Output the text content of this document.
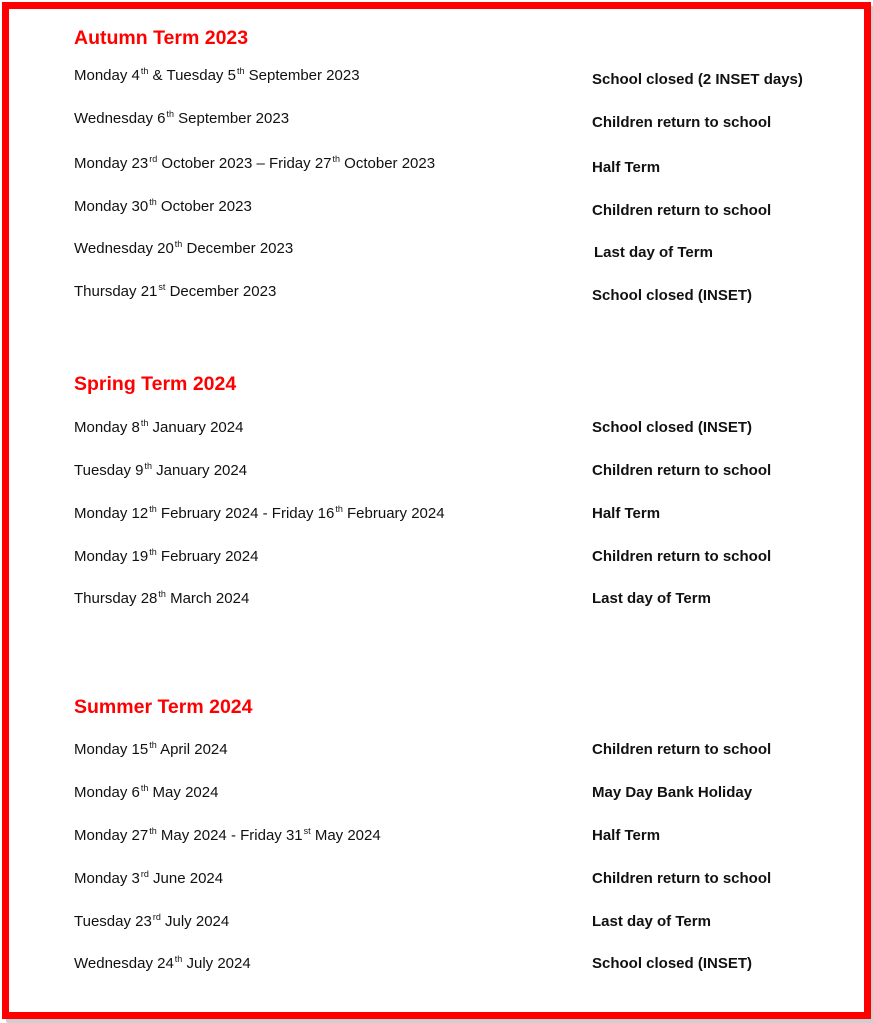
Autumn Term 2023
Monday 4th & Tuesday 5th September 2023	School closed (2 INSET days)
Wednesday 6th September 2023	Children return to school
Monday 23rd October 2023 – Friday 27th October 2023	Half Term
Monday 30th October 2023	Children return to school
Wednesday 20th December 2023	Last day of Term
Thursday 21st December 2023	School closed (INSET)
Spring Term 2024
Monday 8th January 2024	School closed (INSET)
Tuesday 9th January 2024	Children return to school
Monday 12th February 2024 - Friday 16th February 2024	Half Term
Monday 19th February 2024	Children return to school
Thursday 28th March 2024	Last day of Term
Summer Term 2024
Monday 15th April 2024	Children return to school
Monday 6th May 2024	May Day Bank Holiday
Monday 27th May 2024 - Friday 31st May 2024	Half Term
Monday 3rd June 2024	Children return to school
Tuesday 23rd July 2024	Last day of Term
Wednesday 24th July 2024	School closed (INSET)
